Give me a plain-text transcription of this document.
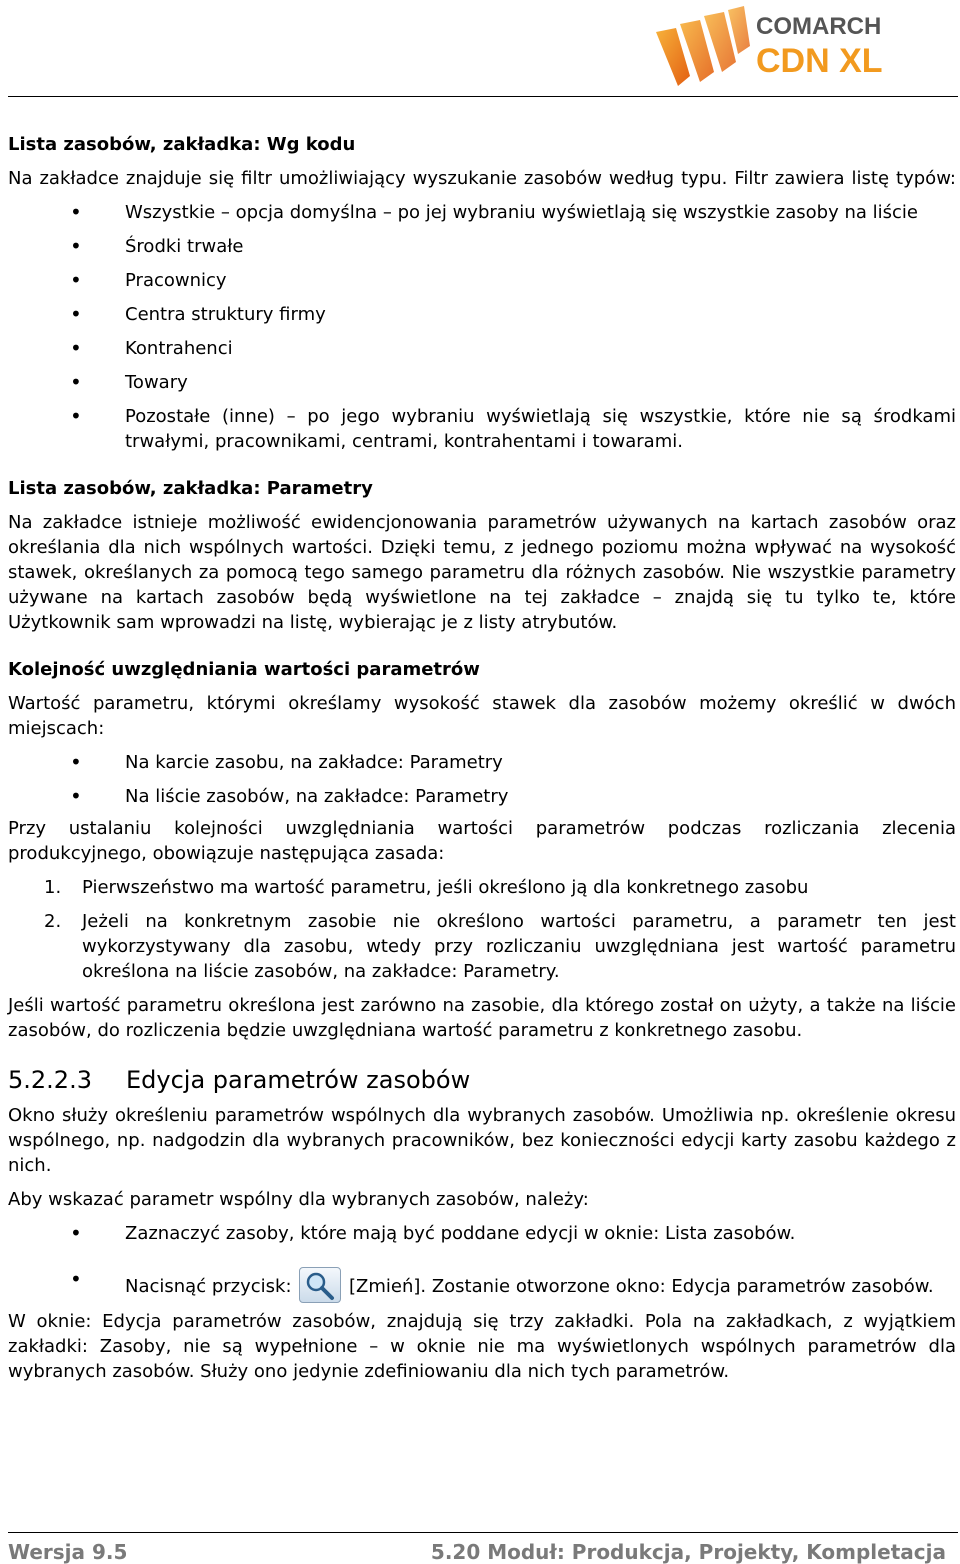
COMARCH
CDN XL

Lista zasobów, zakładka: Wg kodu

Na zakładce znajduje się filtr umożliwiający wyszukanie zasobów według typu. Filtr zawiera listę typów:

• Wszystkie – opcja domyślna – po jej wybraniu wyświetlają się wszystkie zasoby na liście
• Środki trwałe
• Pracownicy
• Centra struktury firmy
• Kontrahenci
• Towary
• Pozostałe (inne) – po jego wybraniu wyświetlają się wszystkie, które nie są środkami trwałymi, pracownikami, centrami, kontrahentami i towarami.

Lista zasobów, zakładka: Parametry

Na zakładce istnieje możliwość ewidencjonowania parametrów używanych na kartach zasobów oraz określania dla nich wspólnych wartości. Dzięki temu, z jednego poziomu można wpływać na wysokość stawek, określanych za pomocą tego samego parametru dla różnych zasobów. Nie wszystkie parametry używane na kartach zasobów będą wyświetlone na tej zakładce – znajdą się tu tylko te, które Użytkownik sam wprowadzi na listę, wybierając je z listy atrybutów.

Kolejność uwzględniania wartości parametrów

Wartość parametru, którymi określamy wysokość stawek dla zasobów możemy określić w dwóch miejscach:

• Na karcie zasobu, na zakładce: Parametry
• Na liście zasobów, na zakładce: Parametry

Przy ustalaniu kolejności uwzględniania wartości parametrów podczas rozliczania zlecenia produkcyjnego, obowiązuje następująca zasada:

1. Pierwszeństwo ma wartość parametru, jeśli określono ją dla konkretnego zasobu
2. Jeżeli na konkretnym zasobie nie określono wartości parametru, a parametr ten jest wykorzystywany dla zasobu, wtedy przy rozliczaniu uwzględniana jest wartość parametru określona na liście zasobów, na zakładce: Parametry.

Jeśli wartość parametru określona jest zarówno na zasobie, dla którego został on użyty, a także na liście zasobów, do rozliczenia będzie uwzględniana wartość parametru z konkretnego zasobu.

5.2.2.3 Edycja parametrów zasobów

Okno służy określeniu parametrów wspólnych dla wybranych zasobów. Umożliwia np. określenie okresu wspólnego, np. nadgodzin dla wybranych pracowników, bez konieczności edycji karty zasobu każdego z nich.

Aby wskazać parametr wspólny dla wybranych zasobów, należy:

• Zaznaczyć zasoby, które mają być poddane edycji w oknie: Lista zasobów.
• Nacisnąć przycisk:	[Zmień]. Zostanie otworzone okno: Edycja parametrów zasobów.

W oknie: Edycja parametrów zasobów, znajdują się trzy zakładki. Pola na zakładkach, z wyjątkiem zakładki: Zasoby, nie są wypełnione – w oknie nie ma wyświetlonych wspólnych parametrów dla wybranych zasobów. Służy ono jedynie zdefiniowaniu dla nich tych parametrów.

Wersja 9.5	5.20 Moduł: Produkcja, Projekty, Kompletacja
